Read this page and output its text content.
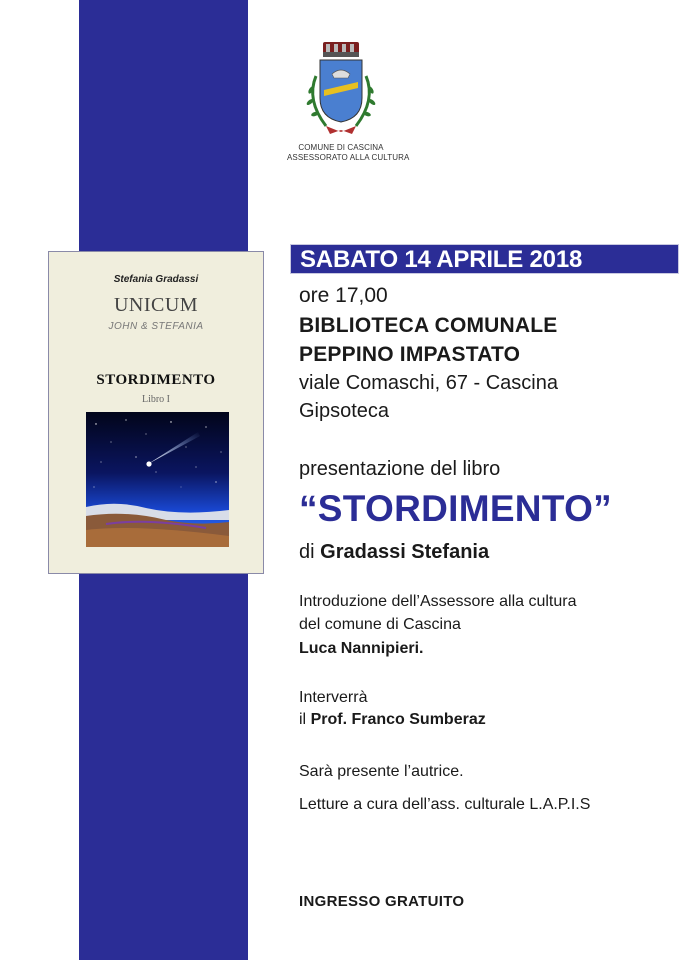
COMUNE DI CASCINA
ASSESSORATO ALLA CULTURA
Stefania Gradassi
UNICUM
JOHN & STEFANIA
STORDIMENTO
Libro I
SABATO 14 APRILE 2018
ore 17,00
BIBLIOTECA COMUNALE
PEPPINO IMPASTATO
viale Comaschi, 67 - Cascina
Gipsoteca
presentazione del libro
“STORDIMENTO”
di Gradassi Stefania
Introduzione dell’Assessore alla cultura
del comune di Cascina
Luca Nannipieri.
Interverrà
il Prof. Franco Sumberaz
Sarà presente l’autrice.
Letture a cura dell’ass. culturale L.A.P.I.S
INGRESSO GRATUITO
